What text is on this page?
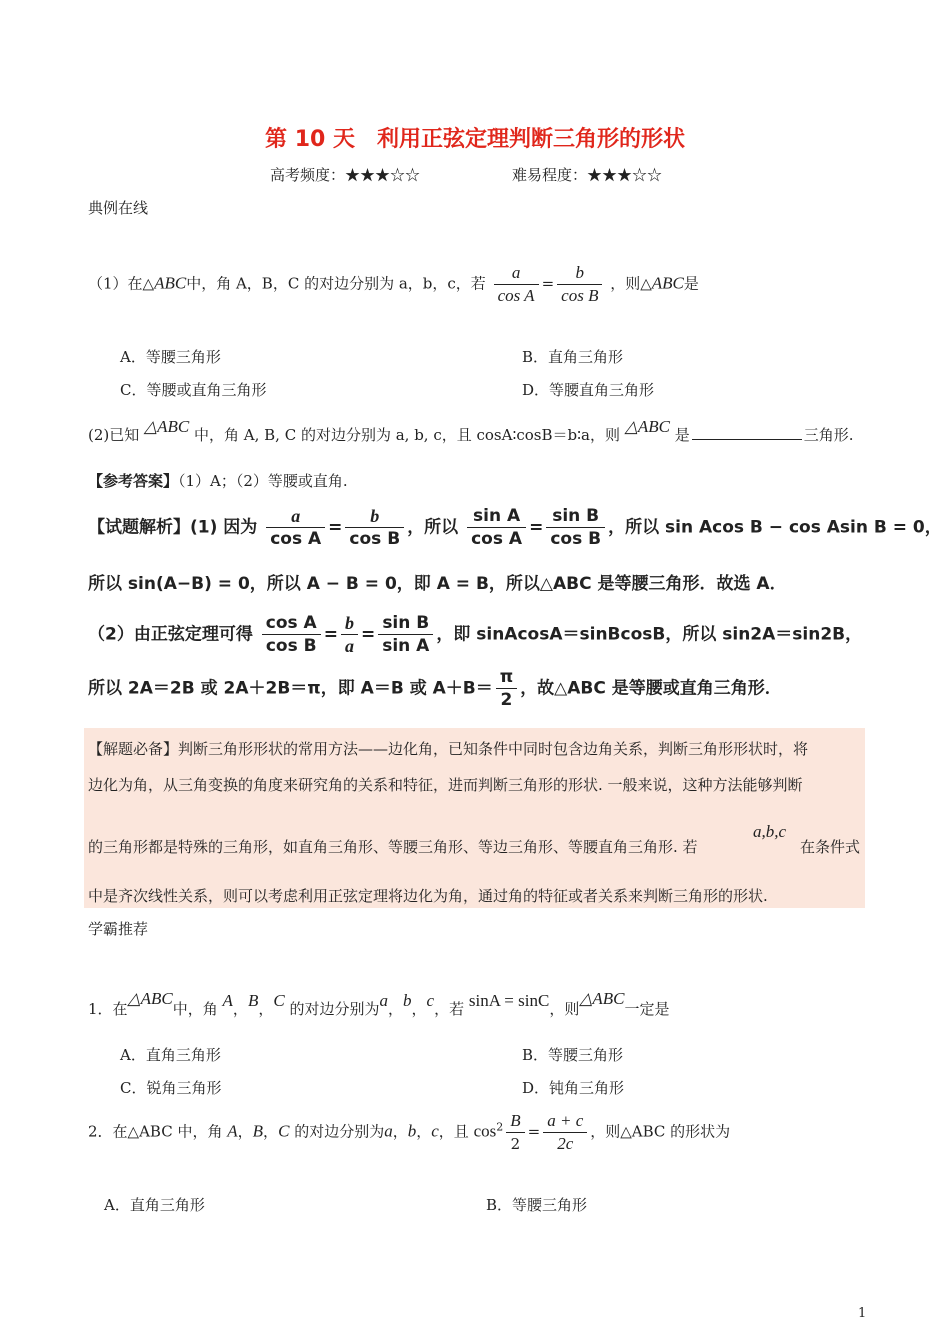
第 10 天　利用正弦定理判断三角形的形状
高考频度：★★★☆☆	难易程度：★★★☆☆
典例在线
（1）在△ABC中，角 A，B，C 的对边分别为 a，b，c，若 $\frac{a}{\text{cos A}} = \frac{b}{\text{cos B}}$ ，则△ABC是
A．等腰三角形	B．直角三角形
C．等腰或直角三角形	D．等腰直角三角形
(2)已知 △ABC 中，角 A, B, C 的对边分别为 a, b, c，且 cosA∶cosB＝b∶a，则 △ABC 是	三角形.
【参考答案】（1）A；（2）等腰或直角.
【试题解析】(1) 因为 $\frac{a}{\text{cos A}} = \frac{b}{\text{cos B}}$ ，所以 $\frac{\text{sin A}}{\text{cos A}} = \frac{\text{sin B}}{\text{cos B}}$ ，所以 sin Acos B − cos Asin B = 0，
所以 sin(A−B) = 0，所以 A − B = 0，即 A = B，所以△ABC 是等腰三角形．故选 A．
（2）由正弦定理可得 $\frac{\text{cos A}}{\text{cos B}} = \frac{b}{a} = \frac{\text{sin B}}{\text{sin A}}$ ，即 sinAcosA＝sinBcosB，所以 sin2A＝sin2B，
所以 2A＝2B 或 2A＋2B＝π，即 A＝B 或 $A+B= \frac{\pi}{2}$ ，故△ABC 是等腰或直角三角形．
【解题必备】判断三角形形状的常用方法——边化角，已知条件中同时包含边角关系，判断三角形形状时，将
边化为角，从三角变换的角度来研究角的关系和特征，进而判断三角形的形状. 一般来说，这种方法能够判断
的三角形都是特殊的三角形，如直角三角形、等腰三角形、等边三角形、等腰直角三角形. 若
a,b,c
在条件式
中是齐次线性关系，则可以考虑利用正弦定理将边化为角，通过角的特征或者关系来判断三角形的形状.
学霸推荐
1．在△ABC中，角 A，B，C 的对边分别为a，b，c，若 sinA = sinC，则△ABC一定是
A．直角三角形	B．等腰三角形
C．锐角三角形	D．钝角三角形
2．在△ABC 中，角 A，B，C 的对边分别为a，b，c，且 $\cos^2 \frac{B}{2} = \frac{a + c}{2c}$ ，则△ABC 的形状为
A．直角三角形	B．等腰三角形
1
